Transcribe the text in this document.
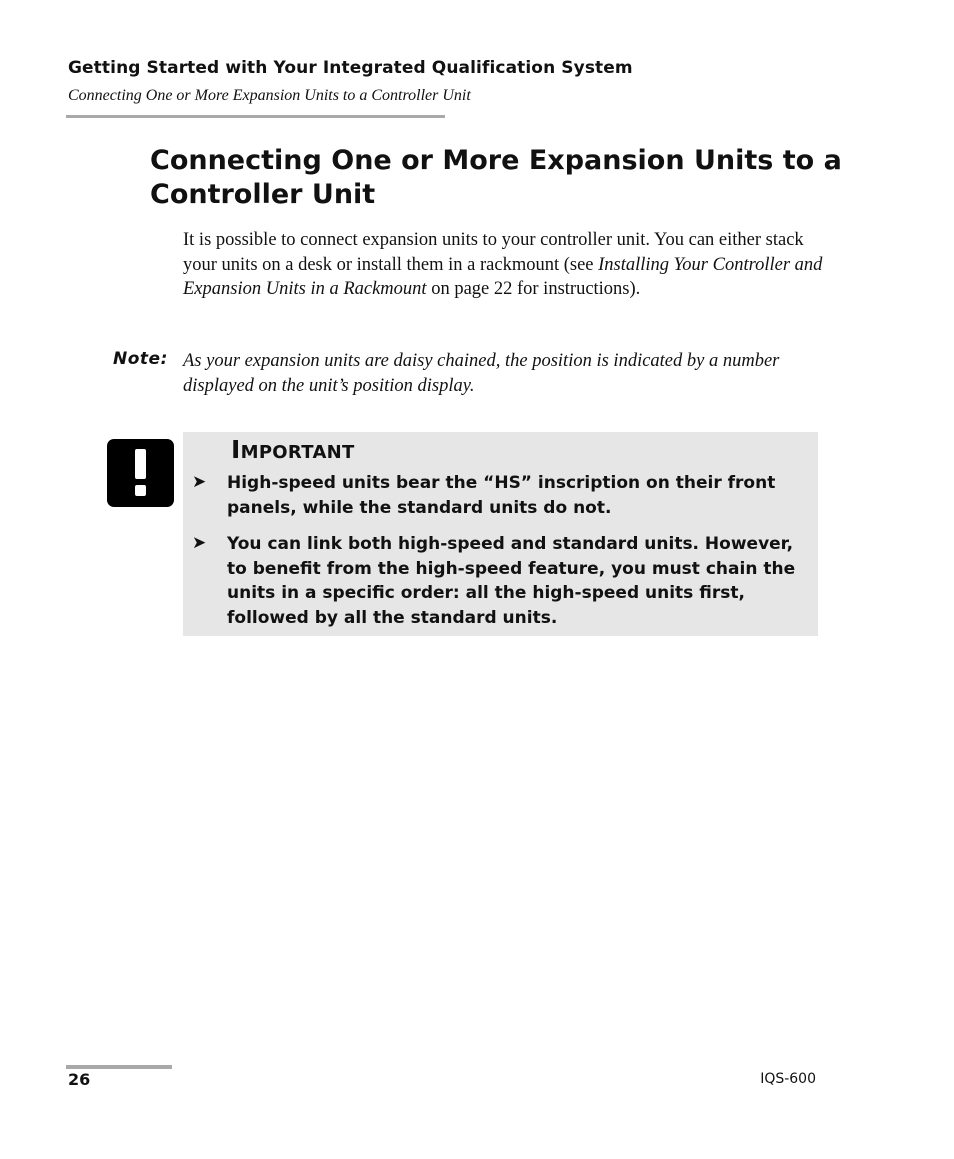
Getting Started with Your Integrated Qualification System
Connecting One or More Expansion Units to a Controller Unit
Connecting One or More Expansion Units to a
Controller Unit

It is possible to connect expansion units to your controller unit. You can either stack your units on a desk or install them in a rackmount (see Installing Your Controller and Expansion Units in a Rackmount on page 22 for instructions).

Note: As your expansion units are daisy chained, the position is indicated by a number displayed on the unit’s position display.

Important
➤ High-speed units bear the “HS” inscription on their front panels, while the standard units do not.

➤ You can link both high-speed and standard units. However, to benefit from the high-speed feature, you must chain the units in a specific order: all the high-speed units first, followed by all the standard units.

26	IQS-600
